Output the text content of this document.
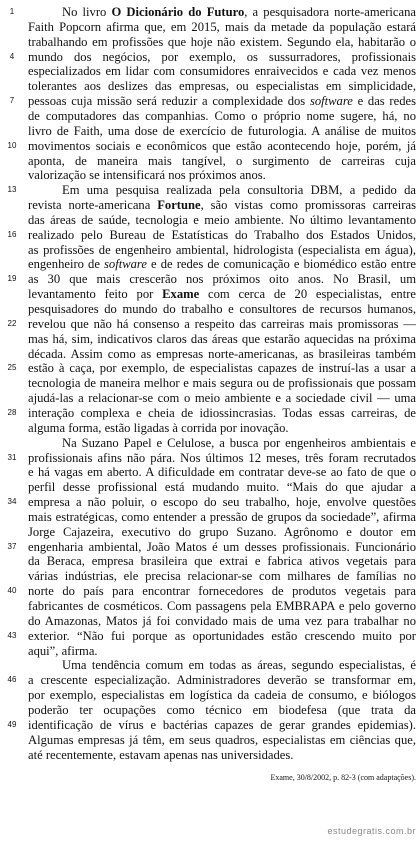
1	No livro O Dicionário do Futuro, a pesquisadora norte-americana
Faith Popcorn afirma que, em 2015, mais da metade da população estará
trabalhando em profissões que hoje não existem. Segundo ela, habitarão o
4	mundo dos negócios, por exemplo, os sussurradores, profissionais
especializados em lidar com consumidores enraivecidos e cada vez menos
tolerantes aos deslizes das empresas, ou especialistas em simplicidade,
7	pessoas cuja missão será reduzir a complexidade dos software e das redes
de computadores das companhias. Como o próprio nome sugere, há, no
livro de Faith, uma dose de exercício de futurologia. A análise de muitos
10 movimentos sociais e econômicos que estão acontecendo hoje, porém, já
aponta, de maneira mais tangível, o surgimento de carreiras cuja
valorização se intensificará nos próximos anos.
13	Em uma pesquisa realizada pela consultoria DBM, a pedido da
revista norte-americana Fortune, são vistas como promissoras carreiras
das áreas de saúde, tecnologia e meio ambiente. No último levantamento
16 realizado pelo Bureau de Estatísticas do Trabalho dos Estados Unidos,
as profissões de engenheiro ambiental, hidrologista (especialista em água),
engenheiro de software e de redes de comunicação e biomédico estão entre
19 as 30 que mais crescerão nos próximos oito anos. No Brasil, um
levantamento feito por Exame com cerca de 20 especialistas, entre
pesquisadores do mundo do trabalho e consultores de recursos humanos,
22 revelou que não há consenso a respeito das carreiras mais promissoras —
mas há, sim, indicativos claros das áreas que estarão aquecidas na próxima
década. Assim como as empresas norte-americanas, as brasileiras também
25 estão à caça, por exemplo, de especialistas capazes de instruí-las a usar a
tecnologia de maneira melhor e mais segura ou de profissionais que possam
ajudá-las a relacionar-se com o meio ambiente e a sociedade civil — uma
28 interação complexa e cheia de idiossincrasias. Todas essas carreiras, de
alguma forma, estão ligadas à corrida por inovação.
Na Suzano Papel e Celulose, a busca por engenheiros ambientais e
31 profissionais afins não pára. Nos últimos 12 meses, três foram recrutados
e há vagas em aberto. A dificuldade em contratar deve-se ao fato de que o
perfil desse profissional está mudando muito. “Mais do que ajudar a
34 empresa a não poluir, o escopo do seu trabalho, hoje, envolve questões
mais estratégicas, como entender a pressão de grupos da sociedade”, afirma
Jorge Cajazeira, executivo do grupo Suzano. Agrônomo e doutor em
37 engenharia ambiental, João Matos é um desses profissionais. Funcionário
da Beraca, empresa brasileira que extrai e fabrica ativos vegetais para
várias indústrias, ele precisa relacionar-se com milhares de famílias no
40 norte do país para encontrar fornecedores de produtos vegetais para
fabricantes de cosméticos. Com passagens pela EMBRAPA e pelo governo
do Amazonas, Matos já foi convidado mais de uma vez para trabalhar no
43 exterior. “Não fui porque as oportunidades estão crescendo muito por
aqui”, afirma.
Uma tendência comum em todas as áreas, segundo especialistas, é
46 a crescente especialização. Administradores deverão se transformar em,
por exemplo, especialistas em logística da cadeia de consumo, e biólogos
poderão ter ocupações como técnico em biodefesa (que trata da
49 identificação de vírus e bactérias capazes de gerar grandes epidemias).
Algumas empresas já têm, em seus quadros, especialistas em ciências que,
até recentemente, estavam apenas nas universidades.
Exame, 30/8/2002, p. 82-3 (com adaptações).
estudegratis.com.br
